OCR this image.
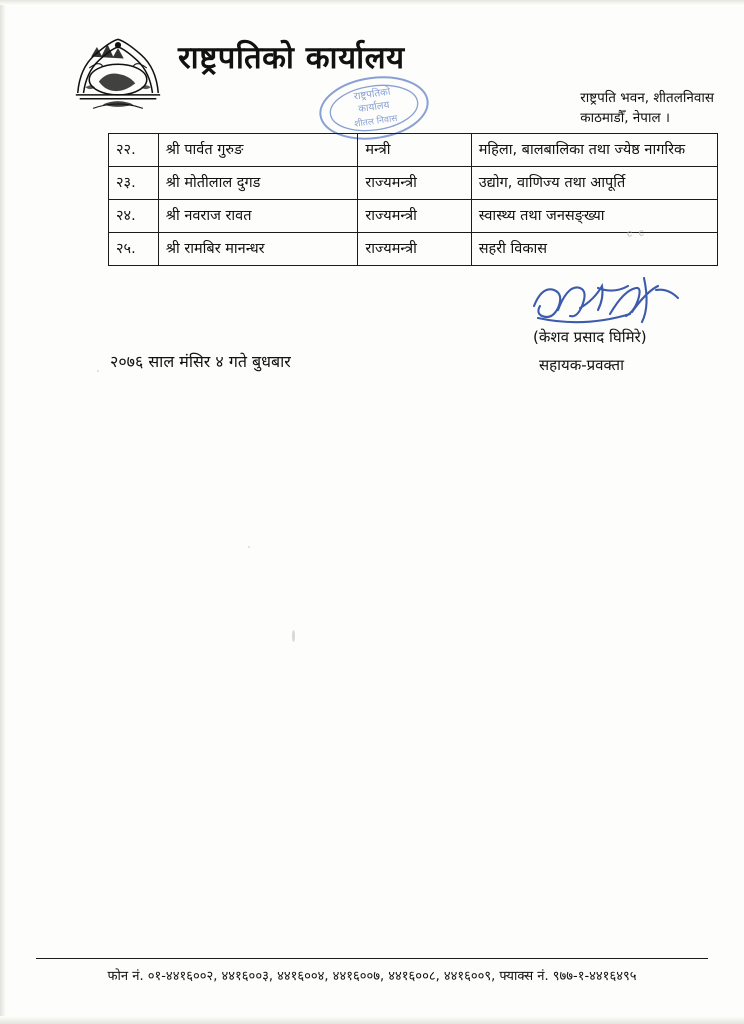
राष्ट्रपतिको कार्यालय
राष्ट्रपतिको
कार्यालय
शीतल निवास
राष्ट्रपति भवन, शीतलनिवास
काठमाडौँ, नेपाल ।
२२.	श्री पार्वत गुरुङ	मन्त्री	महिला, बालबालिका तथा ज्येष्ठ नागरिक
२३.	श्री मोतीलाल दुगड	राज्यमन्त्री	उद्योग, वाणिज्य तथा आपूर्ति
२४.	श्री नवराज रावत	राज्यमन्त्री	स्वास्थ्य तथा जनसङ्ख्या
२५.	श्री रामबिर मानन्धर	राज्यमन्त्री	सहरी विकास
ᴄ ᴄ
(केशव प्रसाद घिमिरे)
सहायक-प्रवक्ता
२०७६ साल मंसिर ४ गते बुधबार
फोन नं. ०१-४४१६००२, ४४१६००३, ४४१६००४, ४४१६००७, ४४१६००८, ४४१६००९, फ्याक्स नं. ९७७-१-४४१६४९५
